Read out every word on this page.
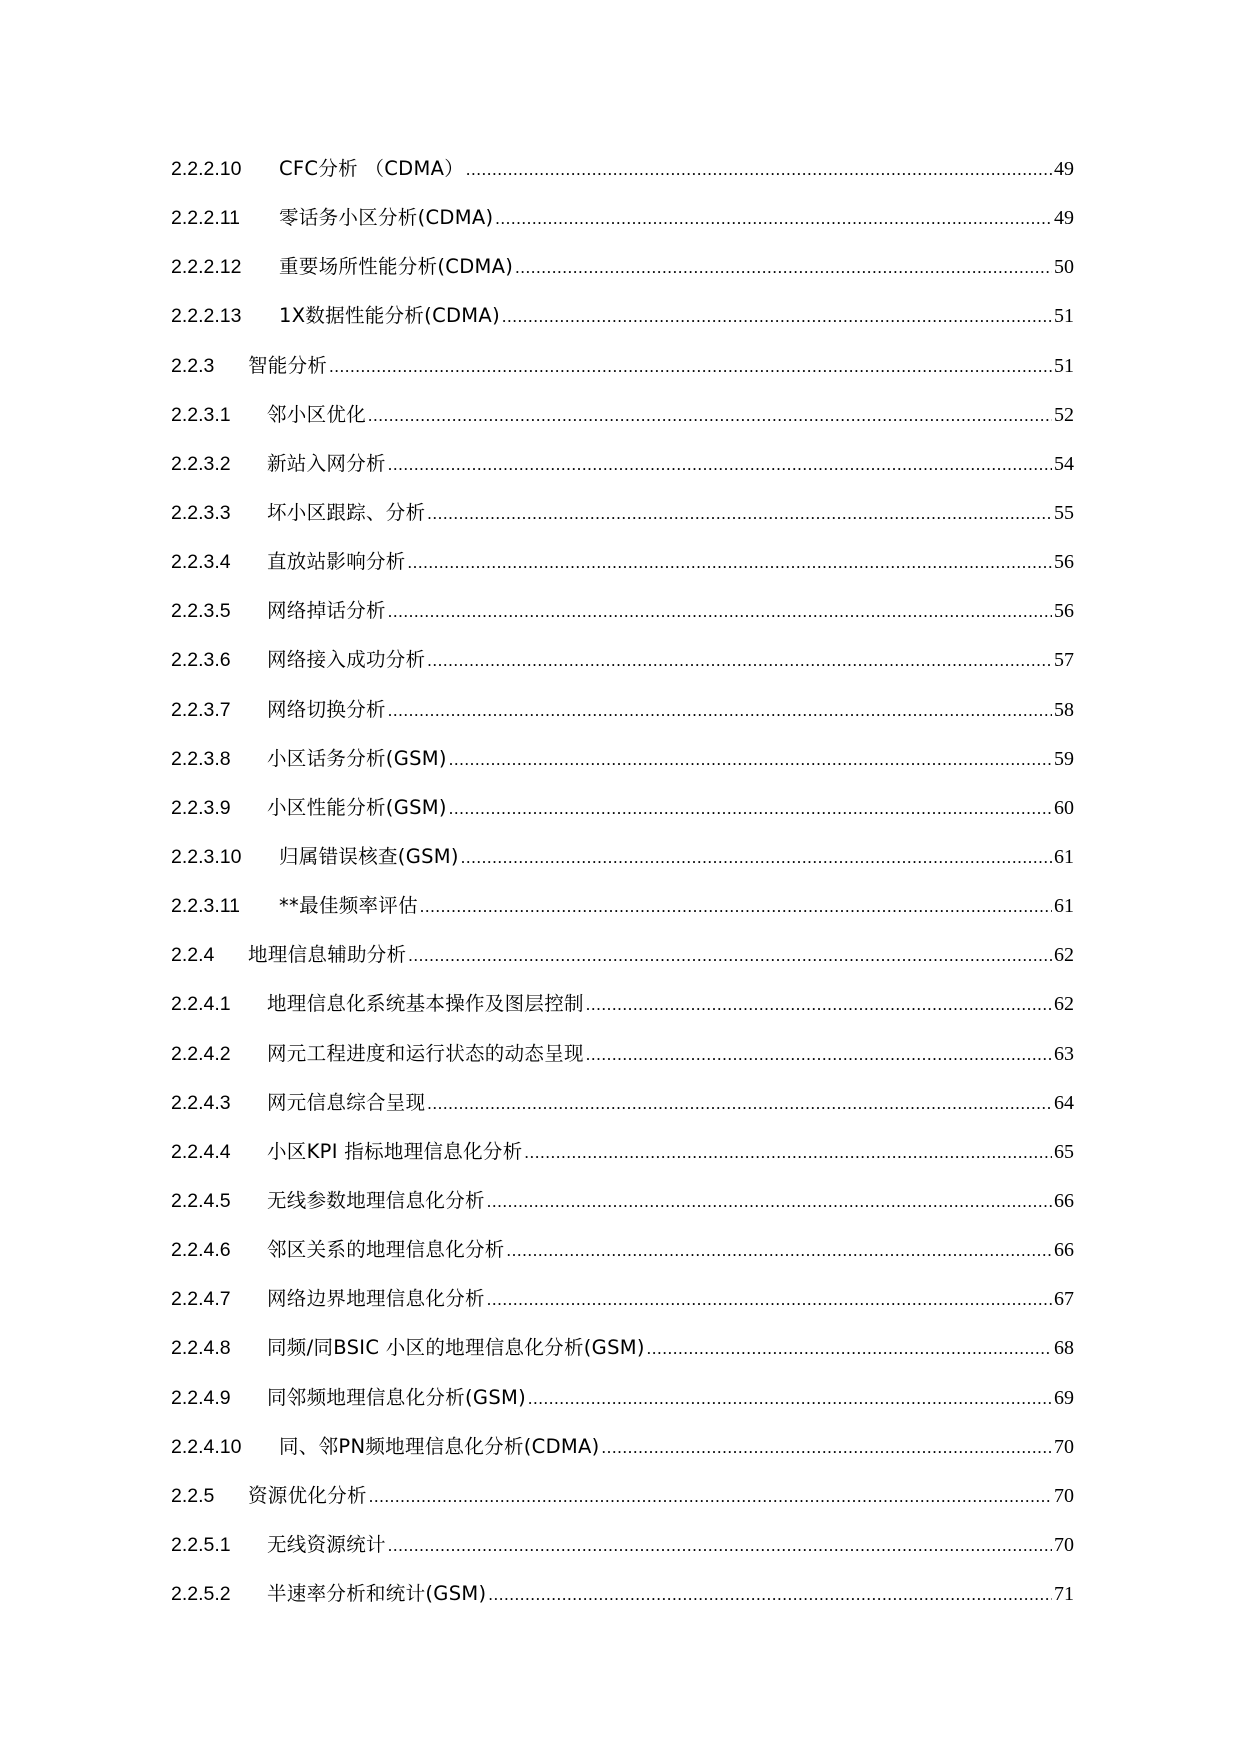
2.2.2.10	CFC分析 （CDMA） .....	49
2.2.2.11	零话务小区分析(CDMA) .....	49
2.2.2.12	重要场所性能分析(CDMA) .....	50
2.2.2.13	1X数据性能分析(CDMA) .....	51
2.2.3	智能分析 .....	51
2.2.3.1	邻小区优化 .....	52
2.2.3.2	新站入网分析 .....	54
2.2.3.3	坏小区跟踪、分析 .....	55
2.2.3.4	直放站影响分析 .....	56
2.2.3.5	网络掉话分析 .....	56
2.2.3.6	网络接入成功分析 .....	57
2.2.3.7	网络切换分析 .....	58
2.2.3.8	小区话务分析(GSM) .....	59
2.2.3.9	小区性能分析(GSM) .....	60
2.2.3.10	归属错误核查(GSM) .....	61
2.2.3.11	**最佳频率评估 .....	61
2.2.4	地理信息辅助分析 .....	62
2.2.4.1	地理信息化系统基本操作及图层控制 .....	62
2.2.4.2	网元工程进度和运行状态的动态呈现 .....	63
2.2.4.3	网元信息综合呈现 .....	64
2.2.4.4	小区KPI 指标地理信息化分析 .....	65
2.2.4.5	无线参数地理信息化分析 .....	66
2.2.4.6	邻区关系的地理信息化分析 .....	66
2.2.4.7	网络边界地理信息化分析 .....	67
2.2.4.8	同频/同BSIC 小区的地理信息化分析(GSM) .....	68
2.2.4.9	同邻频地理信息化分析(GSM) .....	69
2.2.4.10	同、邻PN频地理信息化分析(CDMA) .....	70
2.2.5	资源优化分析 .....	70
2.2.5.1	无线资源统计 .....	70
2.2.5.2	半速率分析和统计(GSM) .....	71
